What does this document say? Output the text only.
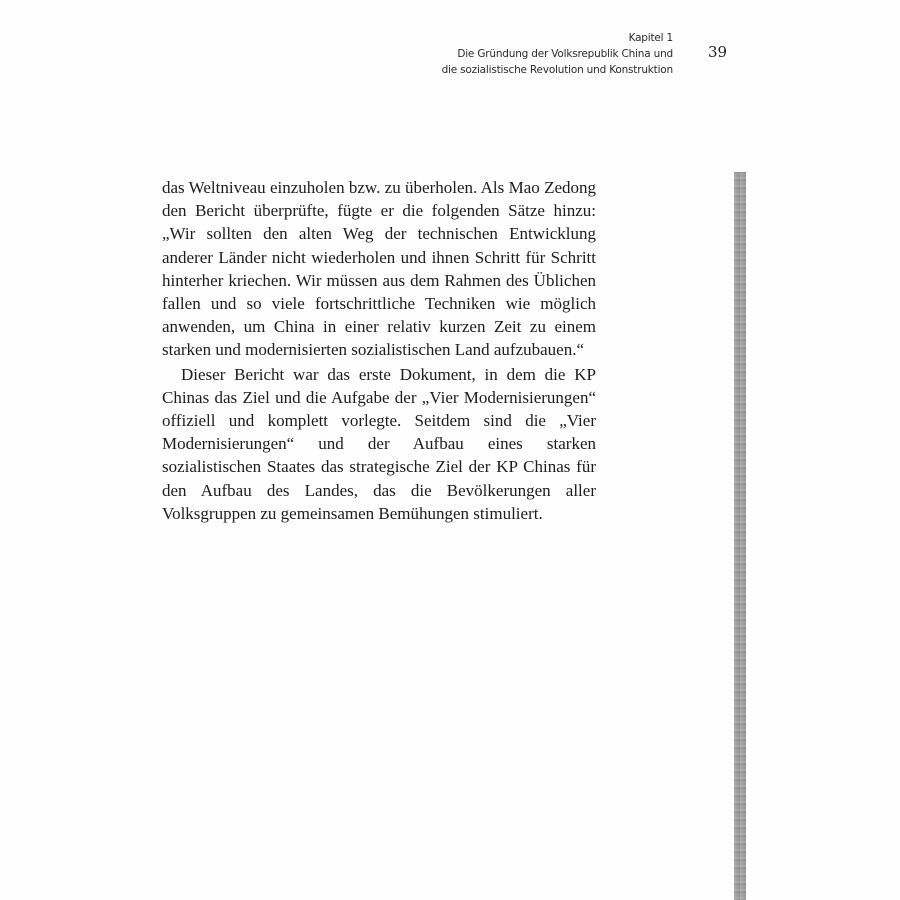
Kapitel 1
Die Gründung der Volksrepublik China und
die sozialistische Revolution und Konstruktion
39

das Weltniveau einzuholen bzw. zu überholen. Als Mao Zedong den Bericht überprüfte, fügte er die folgenden Sätze hinzu: „Wir sollten den alten Weg der technischen Entwicklung anderer Länder nicht wiederholen und ihnen Schritt für Schritt hinterher kriechen. Wir müssen aus dem Rahmen des Üblichen fallen und so viele fortschrittliche Techniken wie möglich anwenden, um China in einer relativ kurzen Zeit zu einem starken und modernisierten sozialistischen Land aufzubauen.“

Dieser Bericht war das erste Dokument, in dem die KP Chinas das Ziel und die Aufgabe der „Vier Modernisierungen“ offiziell und komplett vorlegte. Seitdem sind die „Vier Modernisierungen“ und der Aufbau eines starken sozialistischen Staates das strategische Ziel der KP Chinas für den Aufbau des Landes, das die Bevölkerungen aller Volksgruppen zu gemeinsamen Bemühungen stimuliert.
